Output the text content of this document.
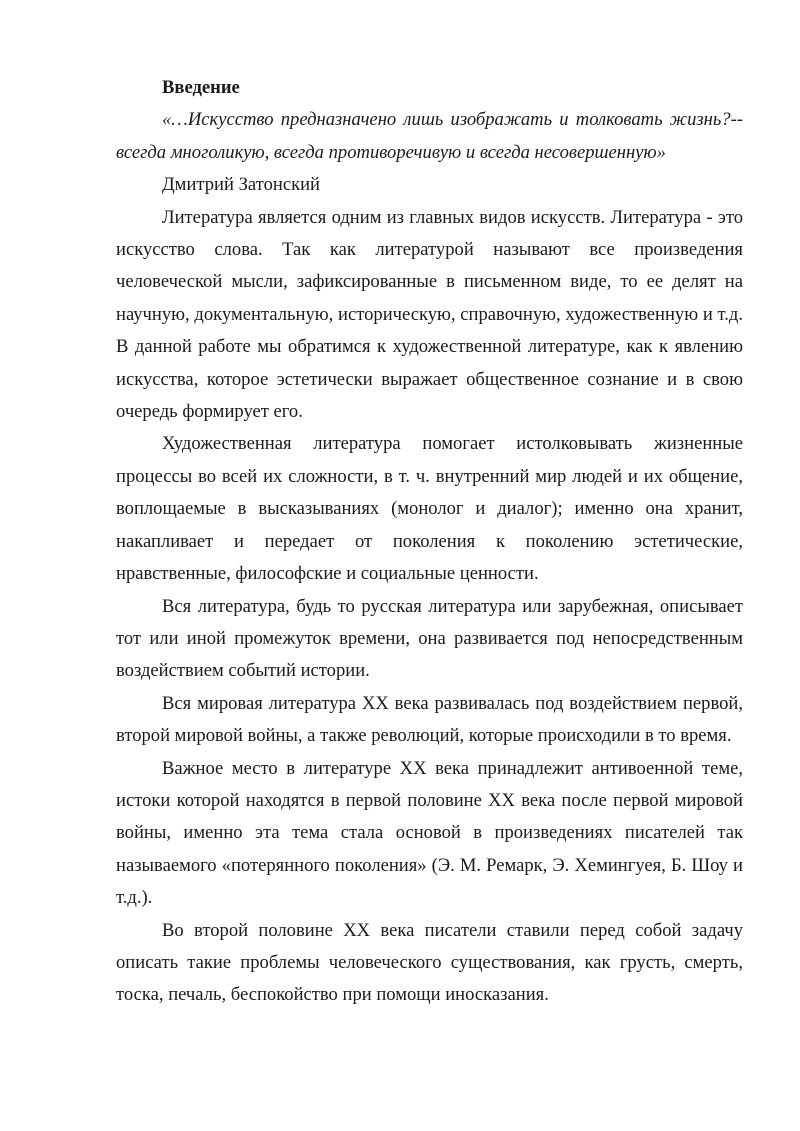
Введение

«…Искусство предназначено лишь изображать и толковать жизнь?-- всегда многоликую, всегда противоречивую и всегда несовершенную»

Дмитрий Затонский

Литература является одним из главных видов искусств. Литература - это искусство слова. Так как литературой называют все произведения человеческой мысли, зафиксированные в письменном виде, то ее делят на научную, документальную, историческую, справочную, художественную и т.д. В данной работе мы обратимся к художественной литературе, как к явлению искусства, которое эстетически выражает общественное сознание и в свою очередь формирует его.

Художественная литература помогает истолковывать жизненные процессы во всей их сложности, в т. ч. внутренний мир людей и их общение, воплощаемые в высказываниях (монолог и диалог); именно она хранит, накапливает и передает от поколения к поколению эстетические, нравственные, философские и социальные ценности.

Вся литература, будь то русская литература или зарубежная, описывает тот или иной промежуток времени, она развивается под непосредственным воздействием событий истории.

Вся мировая литература XX века развивалась под воздействием первой, второй мировой войны, а также революций, которые происходили в то время.

Важное место в литературе XX века принадлежит антивоенной теме, истоки которой находятся в первой половине XX века после первой мировой войны, именно эта тема стала основой в произведениях писателей так называемого «потерянного поколения» (Э. М. Ремарк, Э. Хемингуея, Б. Шоу и т.д.).

Во второй половине XX века писатели ставили перед собой задачу описать такие проблемы человеческого существования, как грусть, смерть, тоска, печаль, беспокойство при помощи иносказания.
